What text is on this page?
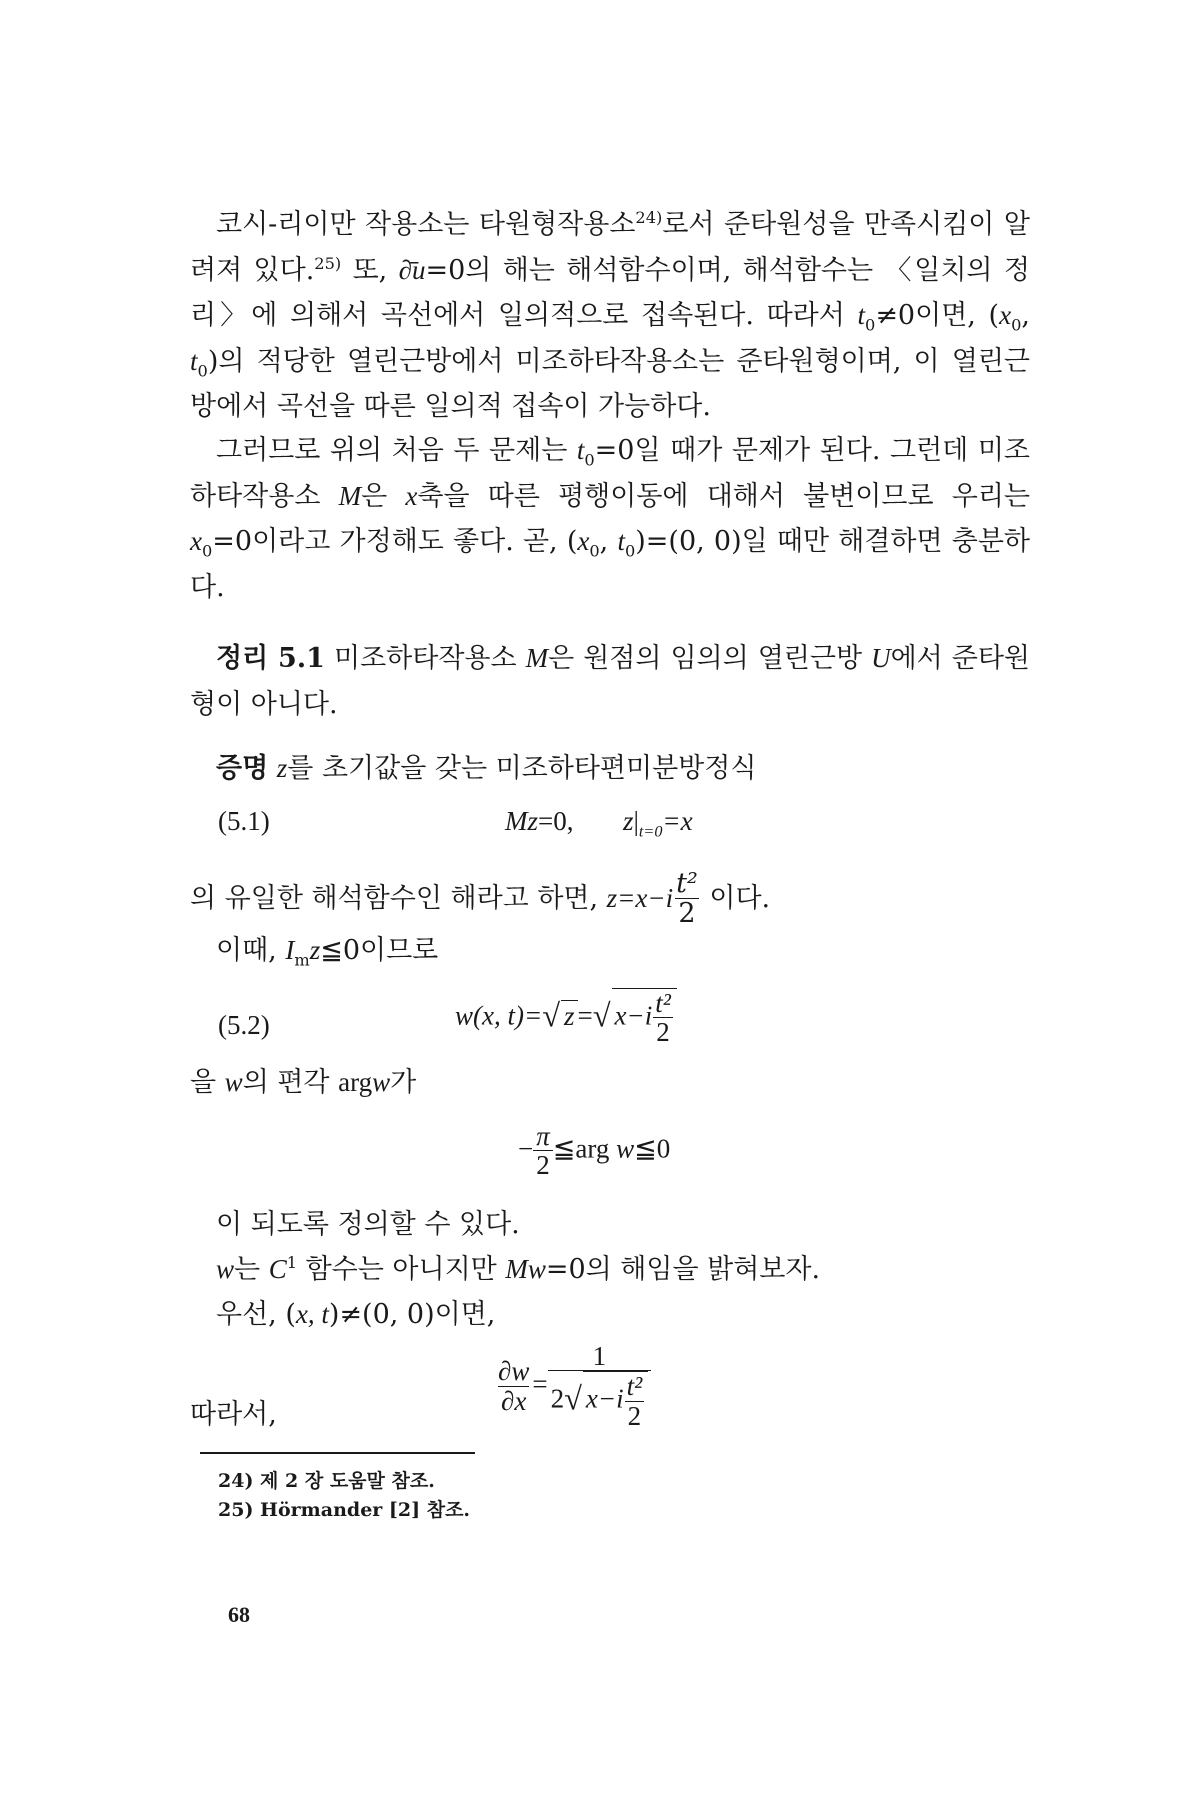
코시-리이만 작용소는 타원형작용소$^{24)}$로서 준타원성을 만족시킴이 알려져 있다.$^{25)}$ 또, ∂̄u=0의 해는 해석함수이며, 해석함수는 〈일치의 정리〉에 의해서 곡선에서 일의적으로 접속된다. 따라서 $t_0\ne 0$이면, ($x_0$, $t_0$)의 적당한 열린근방에서 미조하타작용소는 준타원형이며, 이 열린근방에서 곡선을 따른 일의적 접속이 가능하다.
그러므로 위의 처음 두 문제는 $t_0=0$일 때가 문제가 된다. 그런데 미조하타작용소 M은 x축을 따른 평행이동에 대해서 불변이므로 우리는 $x_0=0$이라고 가정해도 좋다. 곧, ($x_0$, $t_0)=(0$, 0)일 때만 해결하면 충분하다.
정리 5.1 미조하타작용소 M은 원점의 임의의 열린근방 U에서 준타원형이 아니다.
증명 z를 초기값을 갖는 미조하타편미분방정식
(5.1)	Mz=0, $z|_{t=0}=x$
의 유일한 해석함수인 해라고 하면, $z=x-i \frac{\text{t²}}{2}$ 이다.
이때, $I_mz≦0$이므로
(5.2)	w(x, t)=√ z =√ $x-i \frac{\text{t²}}{2}$
을 w의 편각 argw가
− $\frac{\pi}{2}$ ≦arg w≦0
이 되도록 정의할 수 있다.
w는 $C^1$ 함수는 아니지만 Mw=0의 해임을 밝혀보자.
우선, (x, t)≠(0, 0)이면,
$\frac{\partial w}{\partial x} = \frac{1}{2√ x-i \frac{\text{t²}}{2}}$
따라서,
24) 제 2 장 도움말 참조.
25) Hörmander [2] 참조.
68
